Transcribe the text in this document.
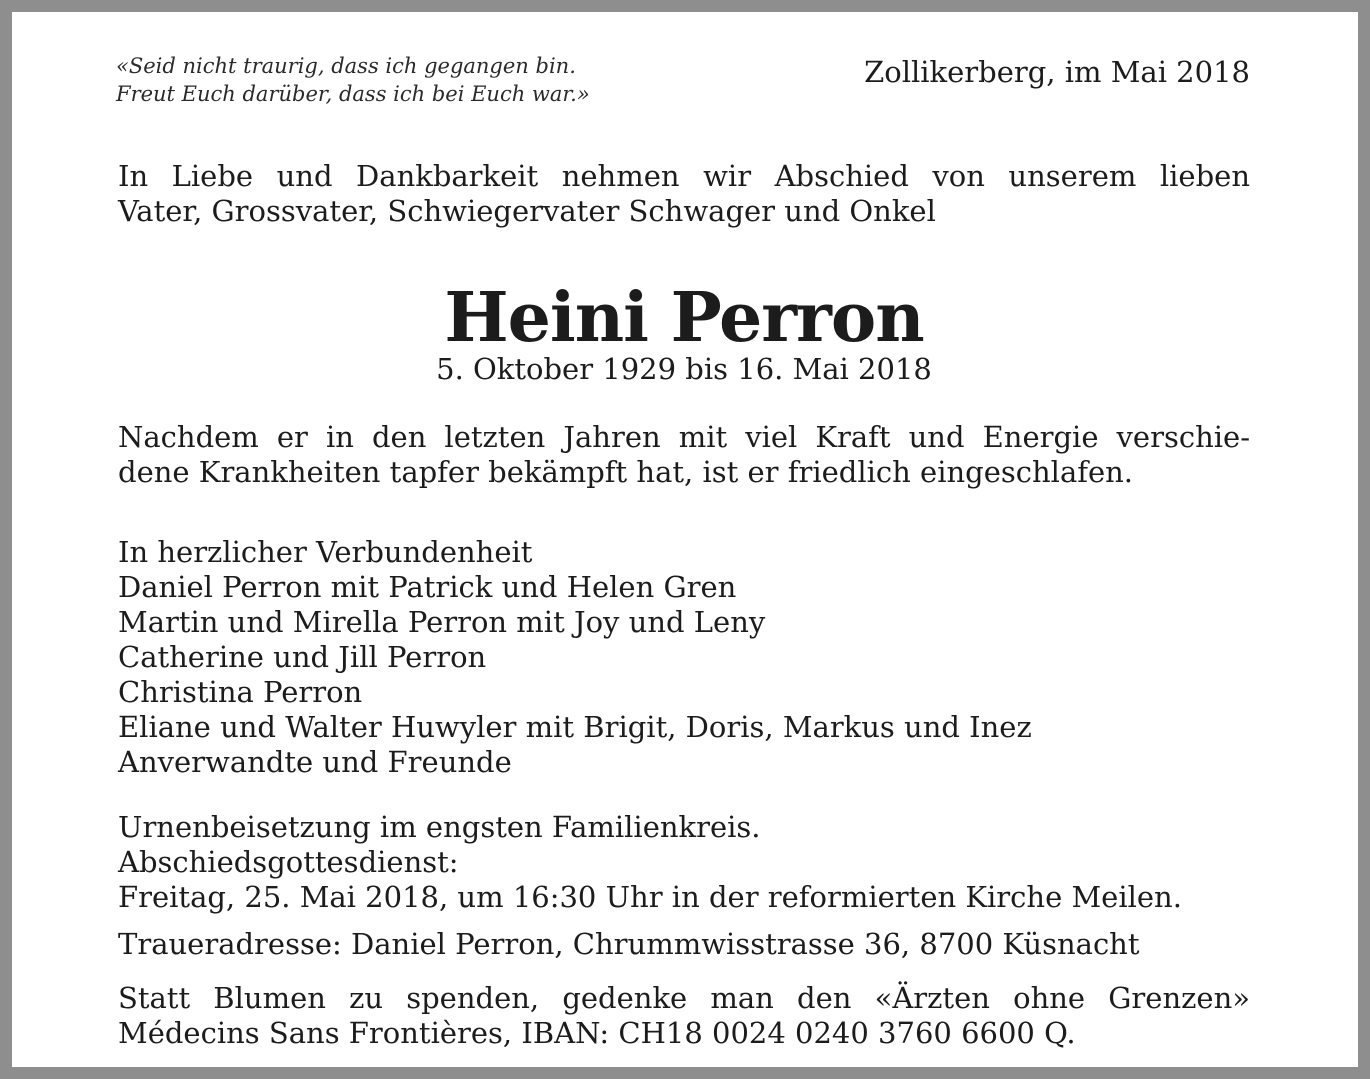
«Seid nicht traurig, dass ich gegangen bin.
Freut Euch darüber, dass ich bei Euch war.»
Zollikerberg, im Mai 2018
In Liebe und Dankbarkeit nehmen wir Abschied von unserem lieben
Vater, Grossvater, Schwiegervater Schwager und Onkel
Heini Perron
5. Oktober 1929 bis 16. Mai 2018
Nachdem er in den letzten Jahren mit viel Kraft und Energie verschie-
dene Krankheiten tapfer bekämpft hat, ist er friedlich eingeschlafen.
In herzlicher Verbundenheit
Daniel Perron mit Patrick und Helen Gren
Martin und Mirella Perron mit Joy und Leny
Catherine und Jill Perron
Christina Perron
Eliane und Walter Huwyler mit Brigit, Doris, Markus und Inez
Anverwandte und Freunde
Urnenbeisetzung im engsten Familienkreis.
Abschiedsgottesdienst:
Freitag, 25. Mai 2018, um 16:30 Uhr in der reformierten Kirche Meilen.
Traueradresse: Daniel Perron, Chrummwisstrasse 36, 8700 Küsnacht
Statt Blumen zu spenden, gedenke man den «Ärzten ohne Grenzen»
Médecins Sans Frontières, IBAN: CH18 0024 0240 3760 6600 Q.
